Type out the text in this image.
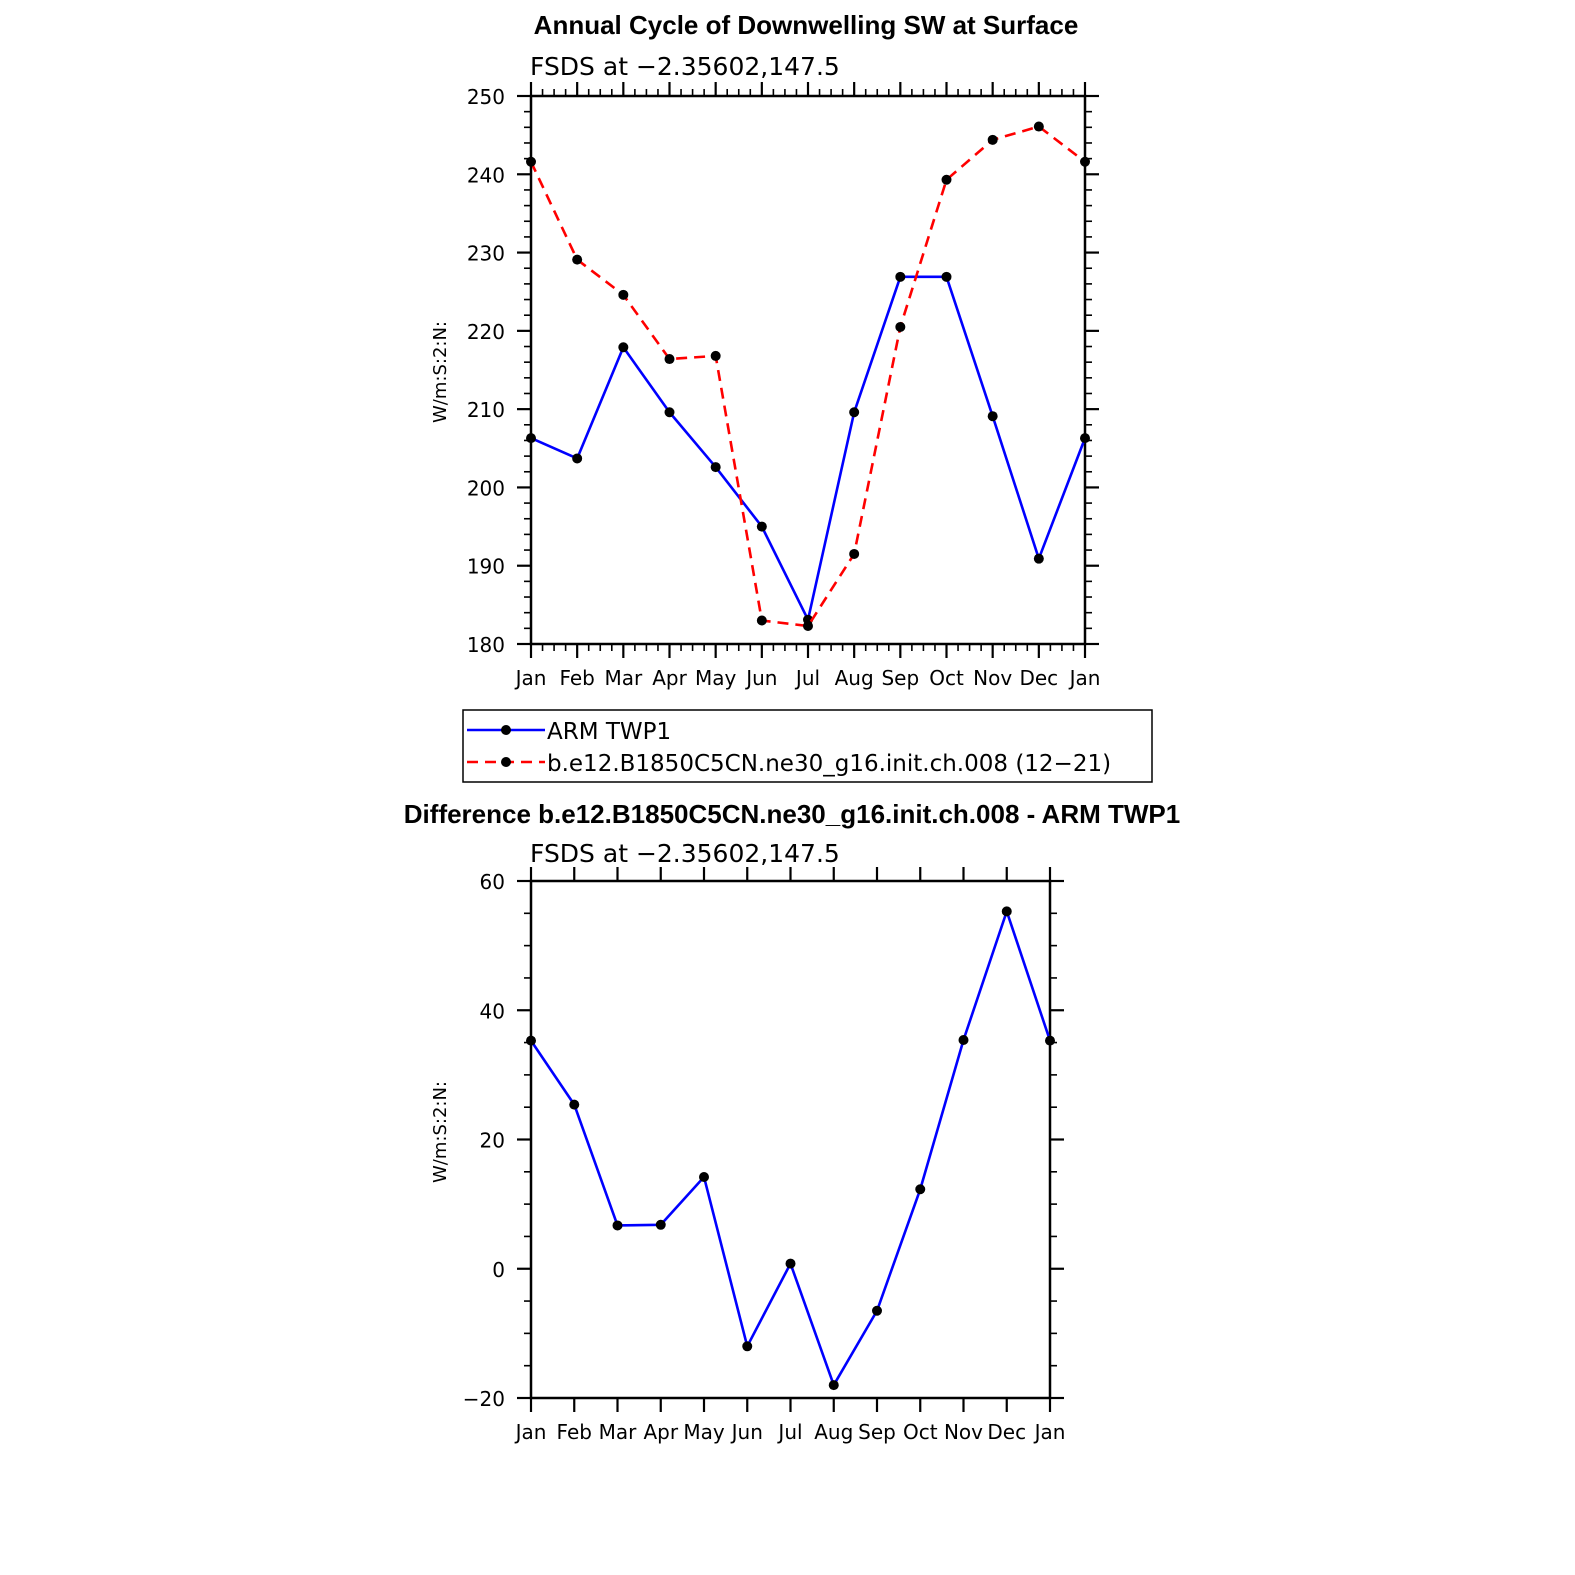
Annual Cycle of Downwelling SW at Surface
FSDS at −2.35602,147.5
W/m:S:2:N:
Jan Feb Mar Apr May Jun Jul Aug Sep Oct Nov Dec Jan
180
190
200
210
220
230
240
250
ARM TWP1
b.e12.B1850C5CN.ne30_g16.init.ch.008 (12−21)
Difference b.e12.B1850C5CN.ne30_g16.init.ch.008 - ARM TWP1
FSDS at −2.35602,147.5
W/m:S:2:N:
Jan Feb Mar Apr May Jun Jul Aug Sep Oct Nov Dec Jan
−20
0
20
40
60
